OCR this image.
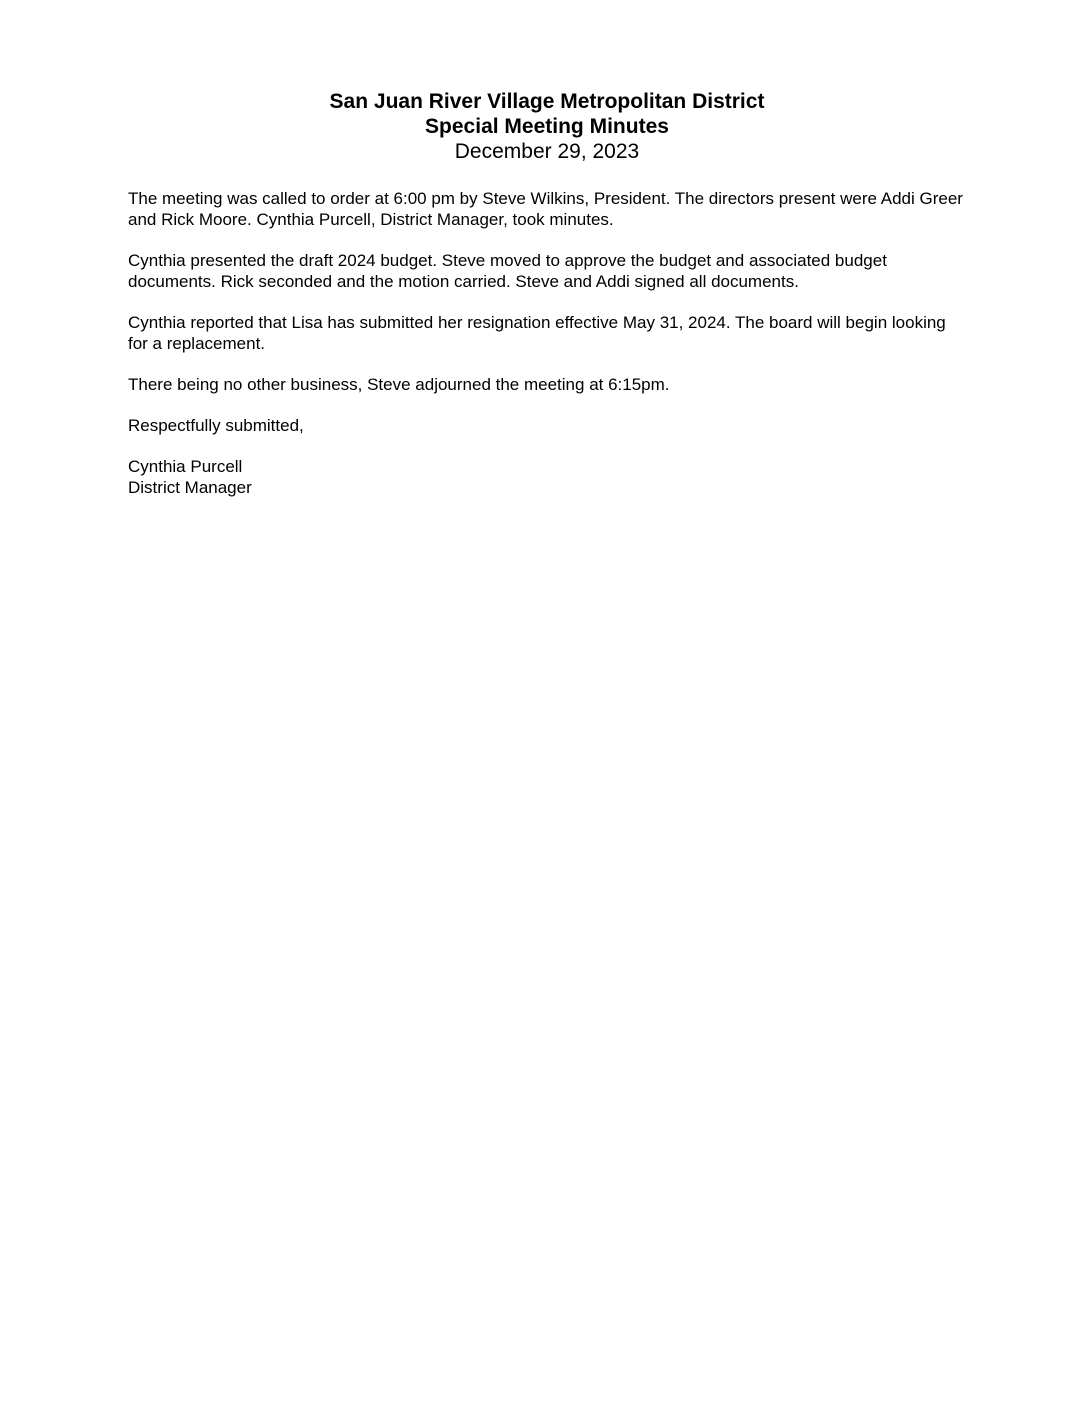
San Juan River Village Metropolitan District

Special Meeting Minutes

December 29, 2023

The meeting was called to order at 6:00 pm by Steve Wilkins, President. The directors present were Addi Greer and Rick Moore. Cynthia Purcell, District Manager, took minutes.

Cynthia presented the draft 2024 budget. Steve moved to approve the budget and associated budget documents. Rick seconded and the motion carried. Steve and Addi signed all documents.

Cynthia reported that Lisa has submitted her resignation effective May 31, 2024. The board will begin looking for a replacement.

There being no other business, Steve adjourned the meeting at 6:15pm.

Respectfully submitted,

Cynthia Purcell
District Manager
